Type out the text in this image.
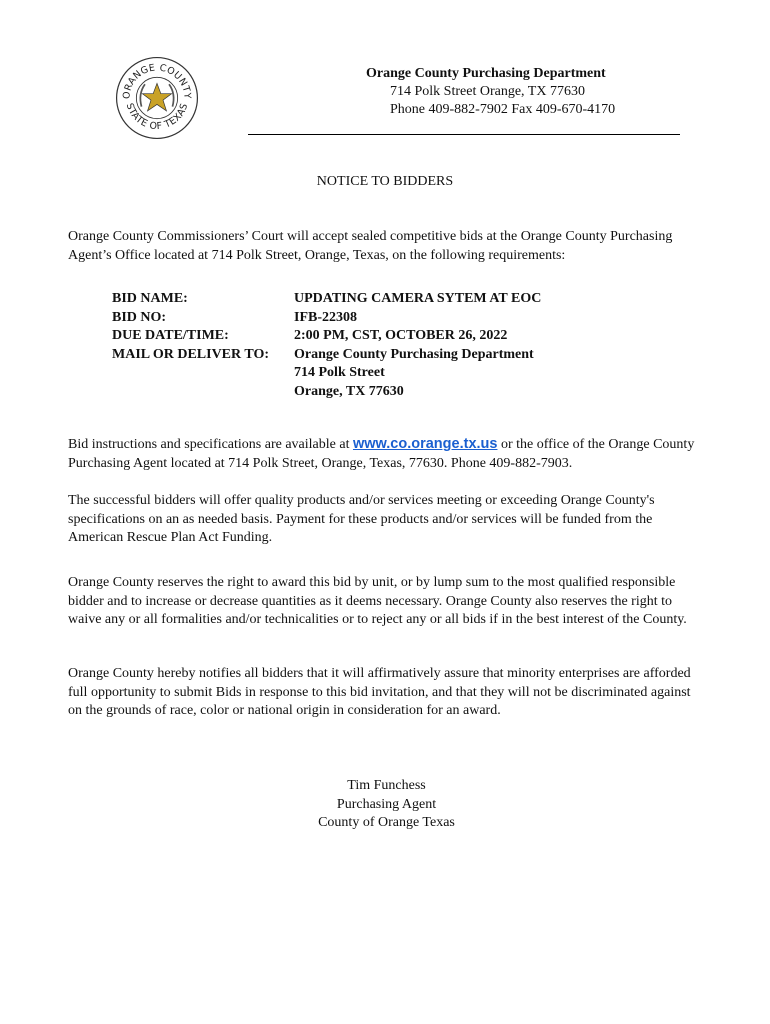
ORANGE COUNTY
STATE OF TEXAS
Orange County Purchasing Department
714 Polk Street Orange, TX 77630
Phone 409-882-7902 Fax 409-670-4170
NOTICE TO BIDDERS
Orange County Commissioners’ Court will accept sealed competitive bids at the Orange County Purchasing Agent’s Office located at 714 Polk Street, Orange, Texas, on the following requirements:
BID NAME:	UPDATING CAMERA SYTEM AT EOC
BID NO:	IFB-22308
DUE DATE/TIME:	2:00 PM, CST, OCTOBER 26, 2022
MAIL OR DELIVER TO:	Orange County Purchasing Department
714 Polk Street
Orange, TX 77630
Bid instructions and specifications are available at www.co.orange.tx.us or the office of the Orange County Purchasing Agent located at 714 Polk Street, Orange, Texas, 77630. Phone 409-882-7903.
The successful bidders will offer quality products and/or services meeting or exceeding Orange County's specifications on an as needed basis. Payment for these products and/or services will be funded from the American Rescue Plan Act Funding.
Orange County reserves the right to award this bid by unit, or by lump sum to the most qualified responsible bidder and to increase or decrease quantities as it deems necessary. Orange County also reserves the right to waive any or all formalities and/or technicalities or to reject any or all bids if in the best interest of the County.
Orange County hereby notifies all bidders that it will affirmatively assure that minority enterprises are afforded full opportunity to submit Bids in response to this bid invitation, and that they will not be discriminated against on the grounds of race, color or national origin in consideration for an award.
Tim Funchess
Purchasing Agent
County of Orange Texas
